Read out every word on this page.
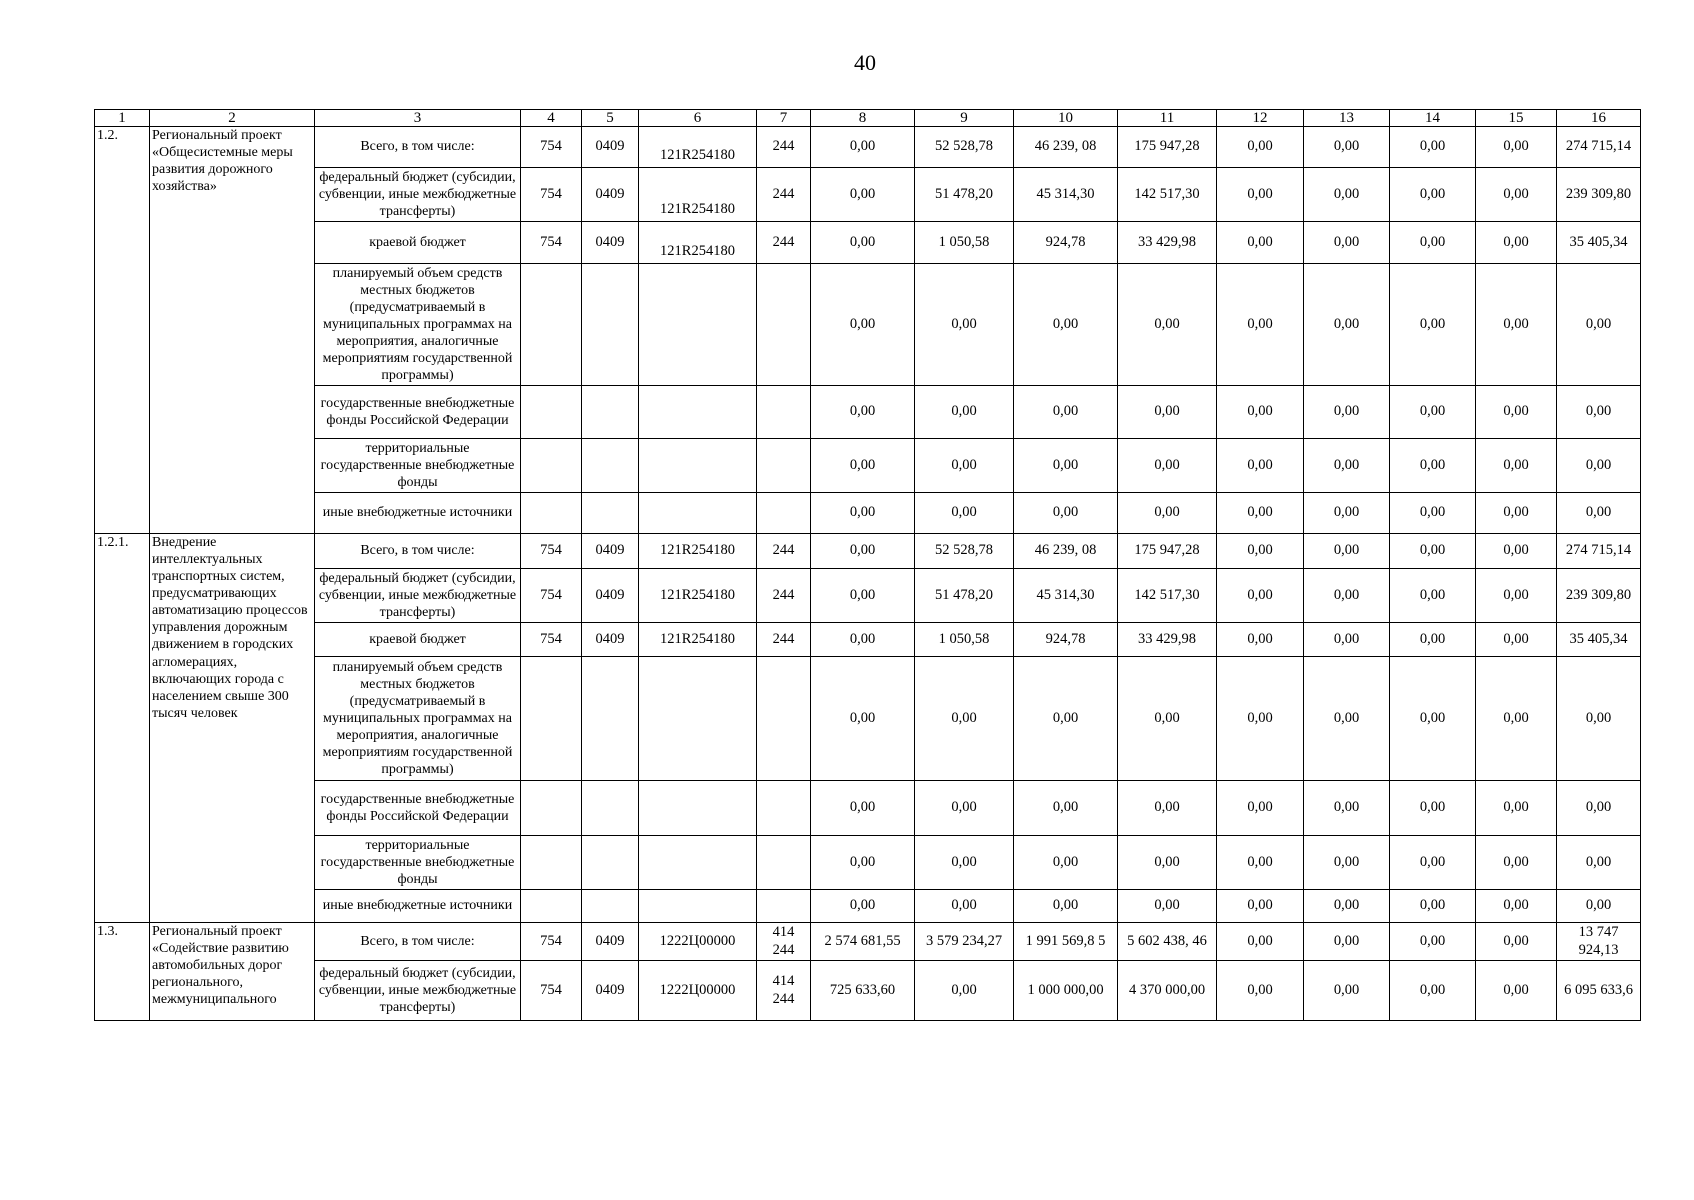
40
1	2	3	4	5	6	7	8	9	10	11	12	13	14	15	16
1.2.	Региональный проект «Общесистемные меры развития дорожного хозяйства»	Всего, в том числе:	754	0409	121R254180	244	0,00	52 528,78	46 239, 08	175 947,28	0,00	0,00	0,00	0,00	274 715,14
		федеральный бюджет (субсидии, субвенции, иные межбюджетные трансферты)	754	0409	121R254180	244	0,00	51 478,20	45 314,30	142 517,30	0,00	0,00	0,00	0,00	239 309,80
		краевой бюджет	754	0409	121R254180	244	0,00	1 050,58	924,78	33 429,98	0,00	0,00	0,00	0,00	35 405,34
		планируемый объем средств местных бюджетов (предусматриваемый в муниципальных программах на мероприятия, аналогичные мероприятиям государственной программы)					0,00	0,00	0,00	0,00	0,00	0,00	0,00	0,00	0,00
		государственные внебюджетные фонды Российской Федерации					0,00	0,00	0,00	0,00	0,00	0,00	0,00	0,00	0,00
		территориальные государственные внебюджетные фонды					0,00	0,00	0,00	0,00	0,00	0,00	0,00	0,00	0,00
		иные внебюджетные источники					0,00	0,00	0,00	0,00	0,00	0,00	0,00	0,00	0,00
1.2.1.	Внедрение интеллектуальных транспортных систем, предусматривающих автоматизацию процессов управления дорожным движением в городских агломерациях, включающих города с населением свыше 300 тысяч человек	Всего, в том числе:	754	0409	121R254180	244	0,00	52 528,78	46 239, 08	175 947,28	0,00	0,00	0,00	0,00	274 715,14
		федеральный бюджет (субсидии, субвенции, иные межбюджетные трансферты)	754	0409	121R254180	244	0,00	51 478,20	45 314,30	142 517,30	0,00	0,00	0,00	0,00	239 309,80
		краевой бюджет	754	0409	121R254180	244	0,00	1 050,58	924,78	33 429,98	0,00	0,00	0,00	0,00	35 405,34
		планируемый объем средств местных бюджетов (предусматриваемый в муниципальных программах на мероприятия, аналогичные мероприятиям государственной программы)					0,00	0,00	0,00	0,00	0,00	0,00	0,00	0,00	0,00
		государственные внебюджетные фонды Российской Федерации					0,00	0,00	0,00	0,00	0,00	0,00	0,00	0,00	0,00
		территориальные государственные внебюджетные фонды					0,00	0,00	0,00	0,00	0,00	0,00	0,00	0,00	0,00
		иные внебюджетные источники					0,00	0,00	0,00	0,00	0,00	0,00	0,00	0,00	0,00
1.3.	Региональный проект «Содействие развитию автомобильных дорог регионального, межмуниципального	Всего, в том числе:	754	0409	1222Ц00000	414 244	2 574 681,55	3 579 234,27	1 991 569,8 5	5 602 438, 46	0,00	0,00	0,00	0,00	13 747 924,13
		федеральный бюджет (субсидии, субвенции, иные межбюджетные трансферты)	754	0409	1222Ц00000	414 244	725 633,60	0,00	1 000 000,00	4 370 000,00	0,00	0,00	0,00	0,00	6 095 633,6
